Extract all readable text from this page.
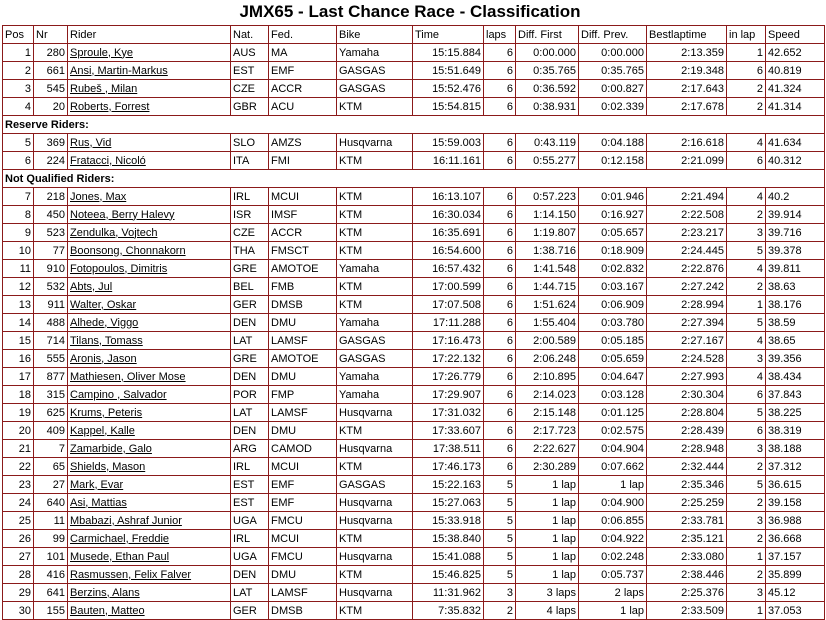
JMX65 - Last Chance Race - Classification
Pos	Nr	Rider	Nat.	Fed.	Bike	Time	laps	Diff. First	Diff. Prev.	Bestlaptime	in lap	Speed
1	280	Sproule, Kye	AUS	MA	Yamaha	15:15.884	6	0:00.000	0:00.000	2:13.359	1	42.652
2	661	Ansi, Martin-Markus	EST	EMF	GASGAS	15:51.649	6	0:35.765	0:35.765	2:19.348	6	40.819
3	545	Rubeš , Milan	CZE	ACCR	GASGAS	15:52.476	6	0:36.592	0:00.827	2:17.643	2	41.324
4	20	Roberts, Forrest	GBR	ACU	KTM	15:54.815	6	0:38.931	0:02.339	2:17.678	2	41.314
Reserve Riders:												
5	369	Rus, Vid	SLO	AMZS	Husqvarna	15:59.003	6	0:43.119	0:04.188	2:16.618	4	41.634
6	224	Fratacci, Nicoló	ITA	FMI	KTM	16:11.161	6	0:55.277	0:12.158	2:21.099	6	40.312
Not Qualified Riders:												
7	218	Jones, Max	IRL	MCUI	KTM	16:13.107	6	0:57.223	0:01.946	2:21.494	4	40.2
8	450	Noteea, Berry Halevy	ISR	IMSF	KTM	16:30.034	6	1:14.150	0:16.927	2:22.508	2	39.914
9	523	Zendulka, Vojtech	CZE	ACCR	KTM	16:35.691	6	1:19.807	0:05.657	2:23.217	3	39.716
10	77	Boonsong, Chonnakorn	THA	FMSCT	KTM	16:54.600	6	1:38.716	0:18.909	2:24.445	5	39.378
11	910	Fotopoulos, Dimitris	GRE	AMOTOE	Yamaha	16:57.432	6	1:41.548	0:02.832	2:22.876	4	39.811
12	532	Abts, Jul	BEL	FMB	KTM	17:00.599	6	1:44.715	0:03.167	2:27.242	2	38.63
13	911	Walter, Oskar	GER	DMSB	KTM	17:07.508	6	1:51.624	0:06.909	2:28.994	1	38.176
14	488	Alhede, Viggo	DEN	DMU	Yamaha	17:11.288	6	1:55.404	0:03.780	2:27.394	5	38.59
15	714	Tilans, Tomass	LAT	LAMSF	GASGAS	17:16.473	6	2:00.589	0:05.185	2:27.167	4	38.65
16	555	Aronis, Jason	GRE	AMOTOE	GASGAS	17:22.132	6	2:06.248	0:05.659	2:24.528	3	39.356
17	877	Mathiesen, Oliver Mose	DEN	DMU	Yamaha	17:26.779	6	2:10.895	0:04.647	2:27.993	4	38.434
18	315	Campino , Salvador	POR	FMP	Yamaha	17:29.907	6	2:14.023	0:03.128	2:30.304	6	37.843
19	625	Krums, Peteris	LAT	LAMSF	Husqvarna	17:31.032	6	2:15.148	0:01.125	2:28.804	5	38.225
20	409	Kappel, Kalle	DEN	DMU	KTM	17:33.607	6	2:17.723	0:02.575	2:28.439	6	38.319
21	7	Zamarbide, Galo	ARG	CAMOD	Husqvarna	17:38.511	6	2:22.627	0:04.904	2:28.948	3	38.188
22	65	Shields, Mason	IRL	MCUI	KTM	17:46.173	6	2:30.289	0:07.662	2:32.444	2	37.312
23	27	Mark, Evar	EST	EMF	GASGAS	15:22.163	5	1 lap	1 lap	2:35.346	5	36.615
24	640	Asi, Mattias	EST	EMF	Husqvarna	15:27.063	5	1 lap	0:04.900	2:25.259	2	39.158
25	11	Mbabazi, Ashraf Junior	UGA	FMCU	Husqvarna	15:33.918	5	1 lap	0:06.855	2:33.781	3	36.988
26	99	Carmichael, Freddie	IRL	MCUI	KTM	15:38.840	5	1 lap	0:04.922	2:35.121	2	36.668
27	101	Musede, Ethan Paul	UGA	FMCU	Husqvarna	15:41.088	5	1 lap	0:02.248	2:33.080	1	37.157
28	416	Rasmussen, Felix Falver	DEN	DMU	KTM	15:46.825	5	1 lap	0:05.737	2:38.446	2	35.899
29	641	Berzins, Alans	LAT	LAMSF	Husqvarna	11:31.962	3	3 laps	2 laps	2:25.376	3	45.12
30	155	Bauten, Matteo	GER	DMSB	KTM	7:35.832	2	4 laps	1 lap	2:33.509	1	37.053
